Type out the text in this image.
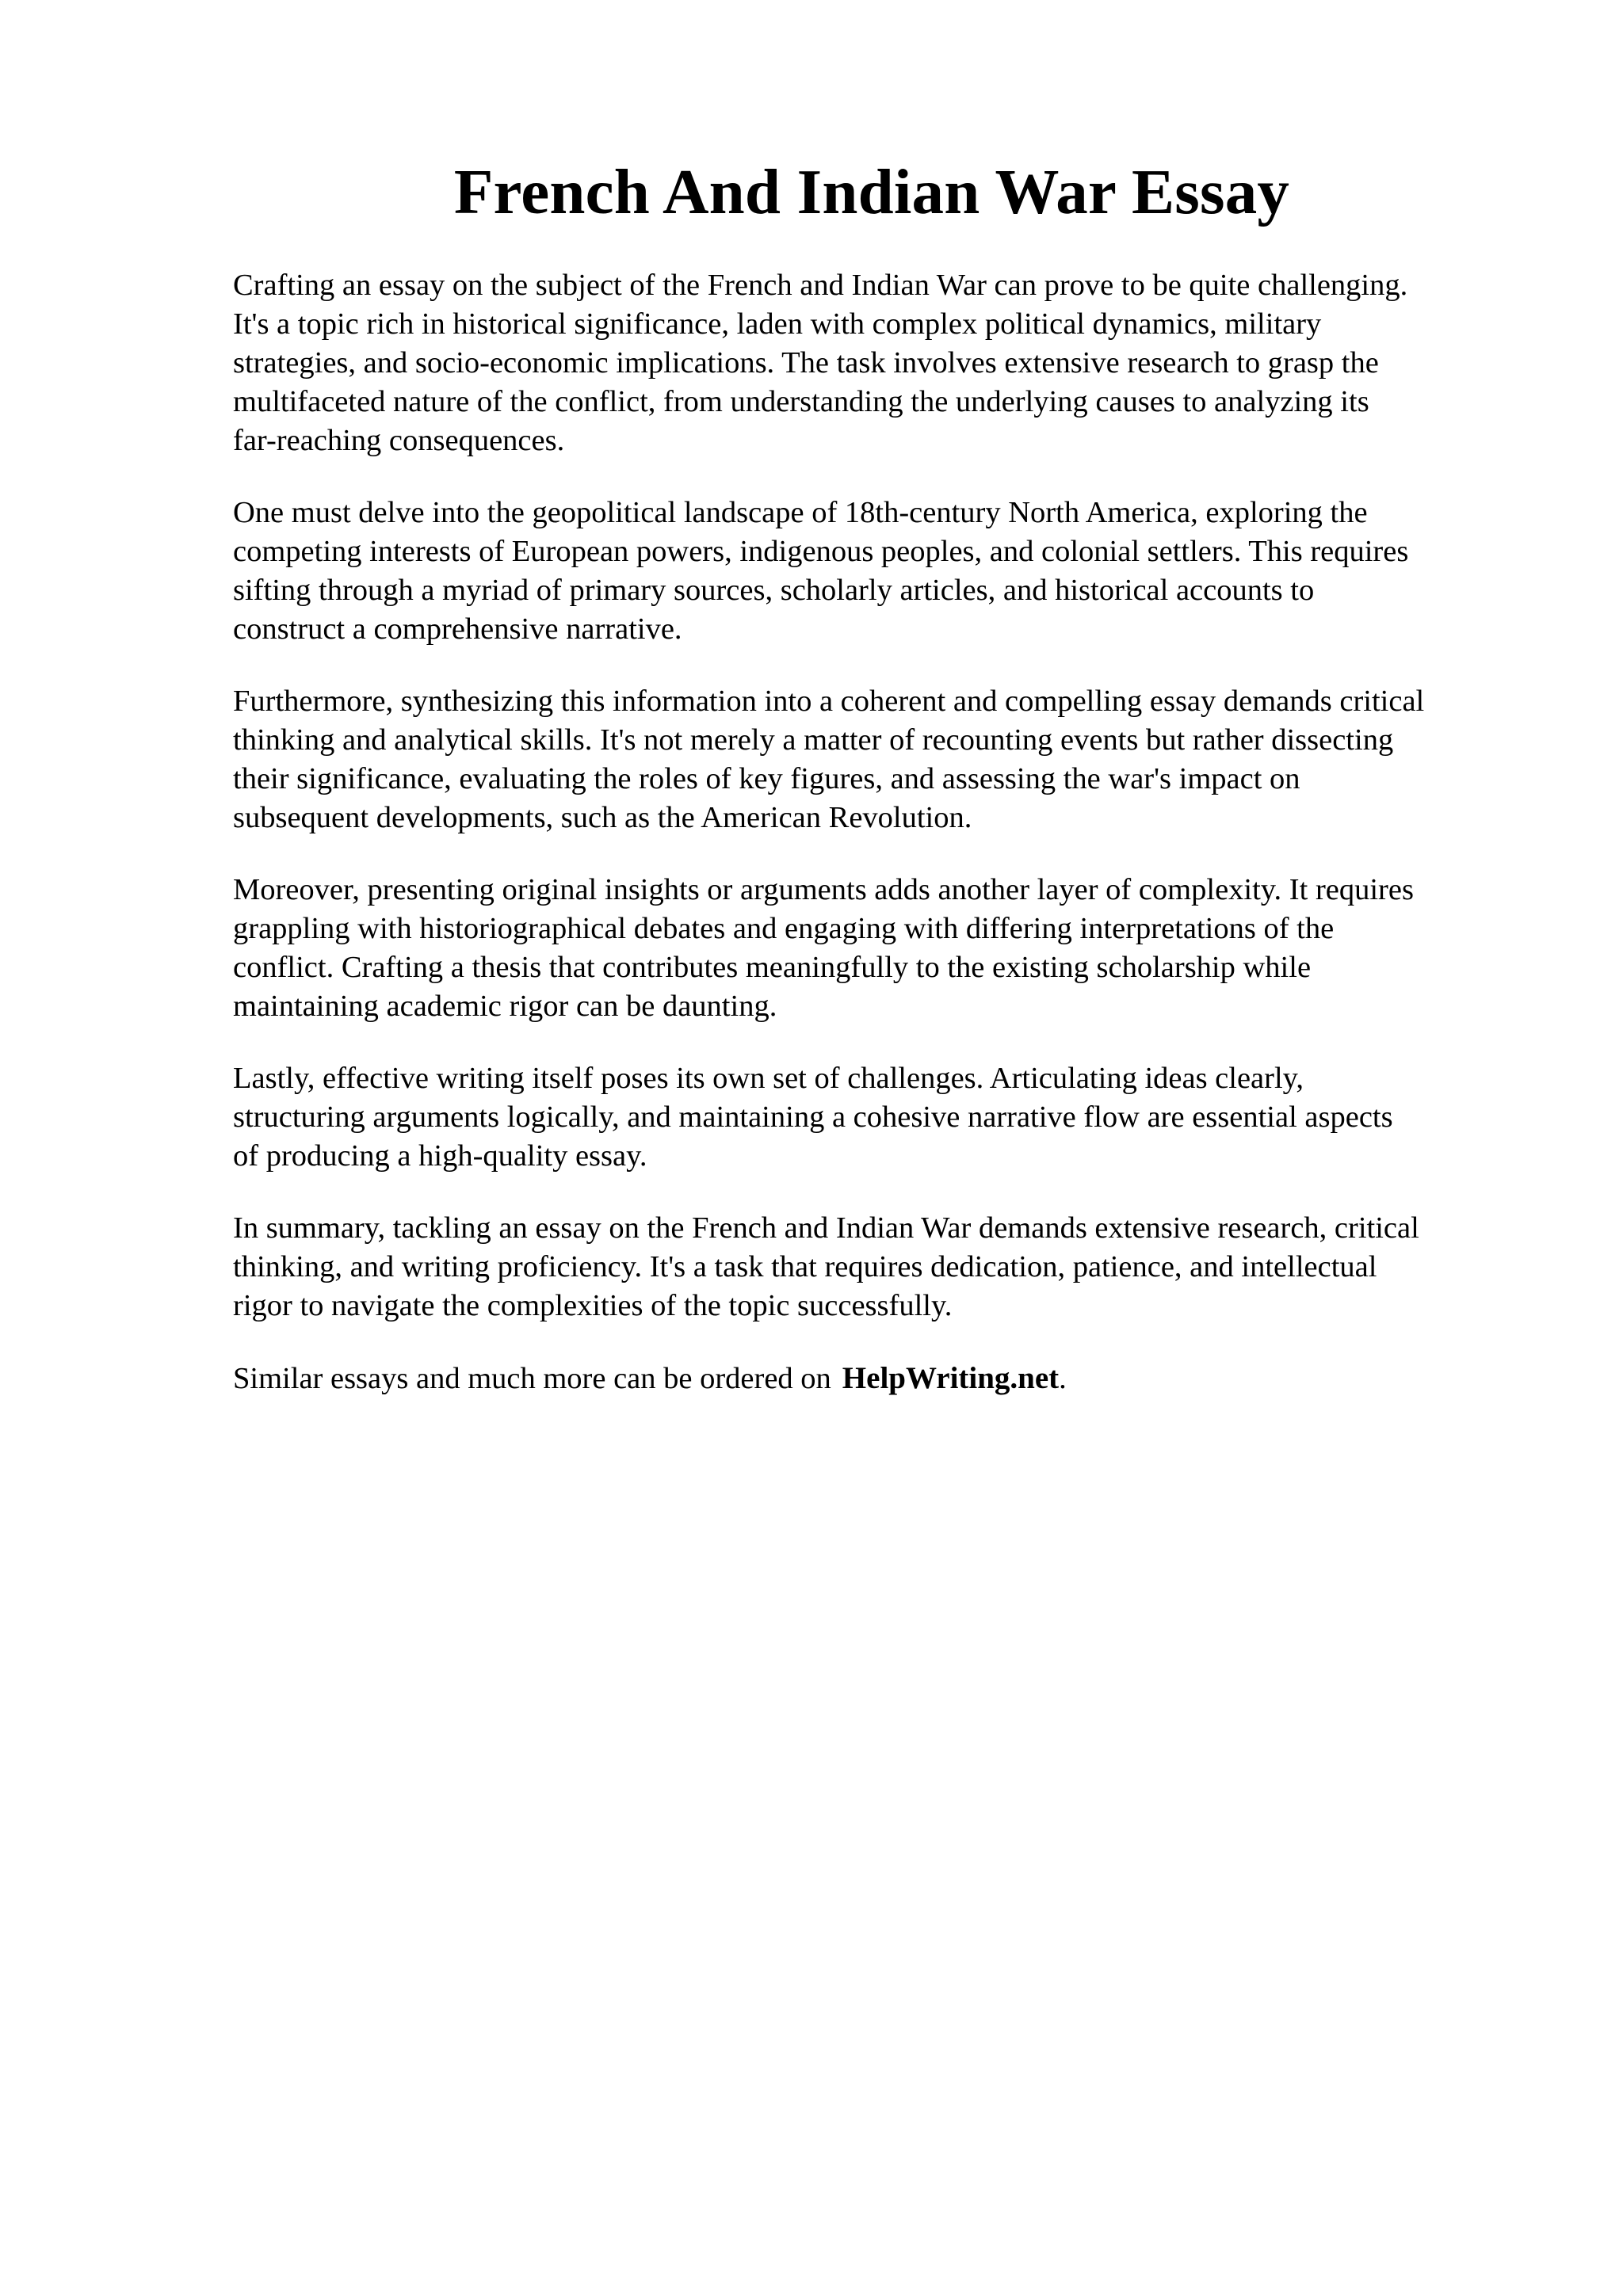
French And Indian War Essay

Crafting an essay on the subject of the French and Indian War can prove to be quite challenging.
It's a topic rich in historical significance, laden with complex political dynamics, military
strategies, and socio-economic implications. The task involves extensive research to grasp the
multifaceted nature of the conflict, from understanding the underlying causes to analyzing its
far-reaching consequences.

One must delve into the geopolitical landscape of 18th-century North America, exploring the
competing interests of European powers, indigenous peoples, and colonial settlers. This requires
sifting through a myriad of primary sources, scholarly articles, and historical accounts to
construct a comprehensive narrative.

Furthermore, synthesizing this information into a coherent and compelling essay demands critical
thinking and analytical skills. It's not merely a matter of recounting events but rather dissecting
their significance, evaluating the roles of key figures, and assessing the war's impact on
subsequent developments, such as the American Revolution.

Moreover, presenting original insights or arguments adds another layer of complexity. It requires
grappling with historiographical debates and engaging with differing interpretations of the
conflict. Crafting a thesis that contributes meaningfully to the existing scholarship while
maintaining academic rigor can be daunting.

Lastly, effective writing itself poses its own set of challenges. Articulating ideas clearly,
structuring arguments logically, and maintaining a cohesive narrative flow are essential aspects
of producing a high-quality essay.

In summary, tackling an essay on the French and Indian War demands extensive research, critical
thinking, and writing proficiency. It's a task that requires dedication, patience, and intellectual
rigor to navigate the complexities of the topic successfully.

Similar essays and much more can be ordered on HelpWriting.net.
